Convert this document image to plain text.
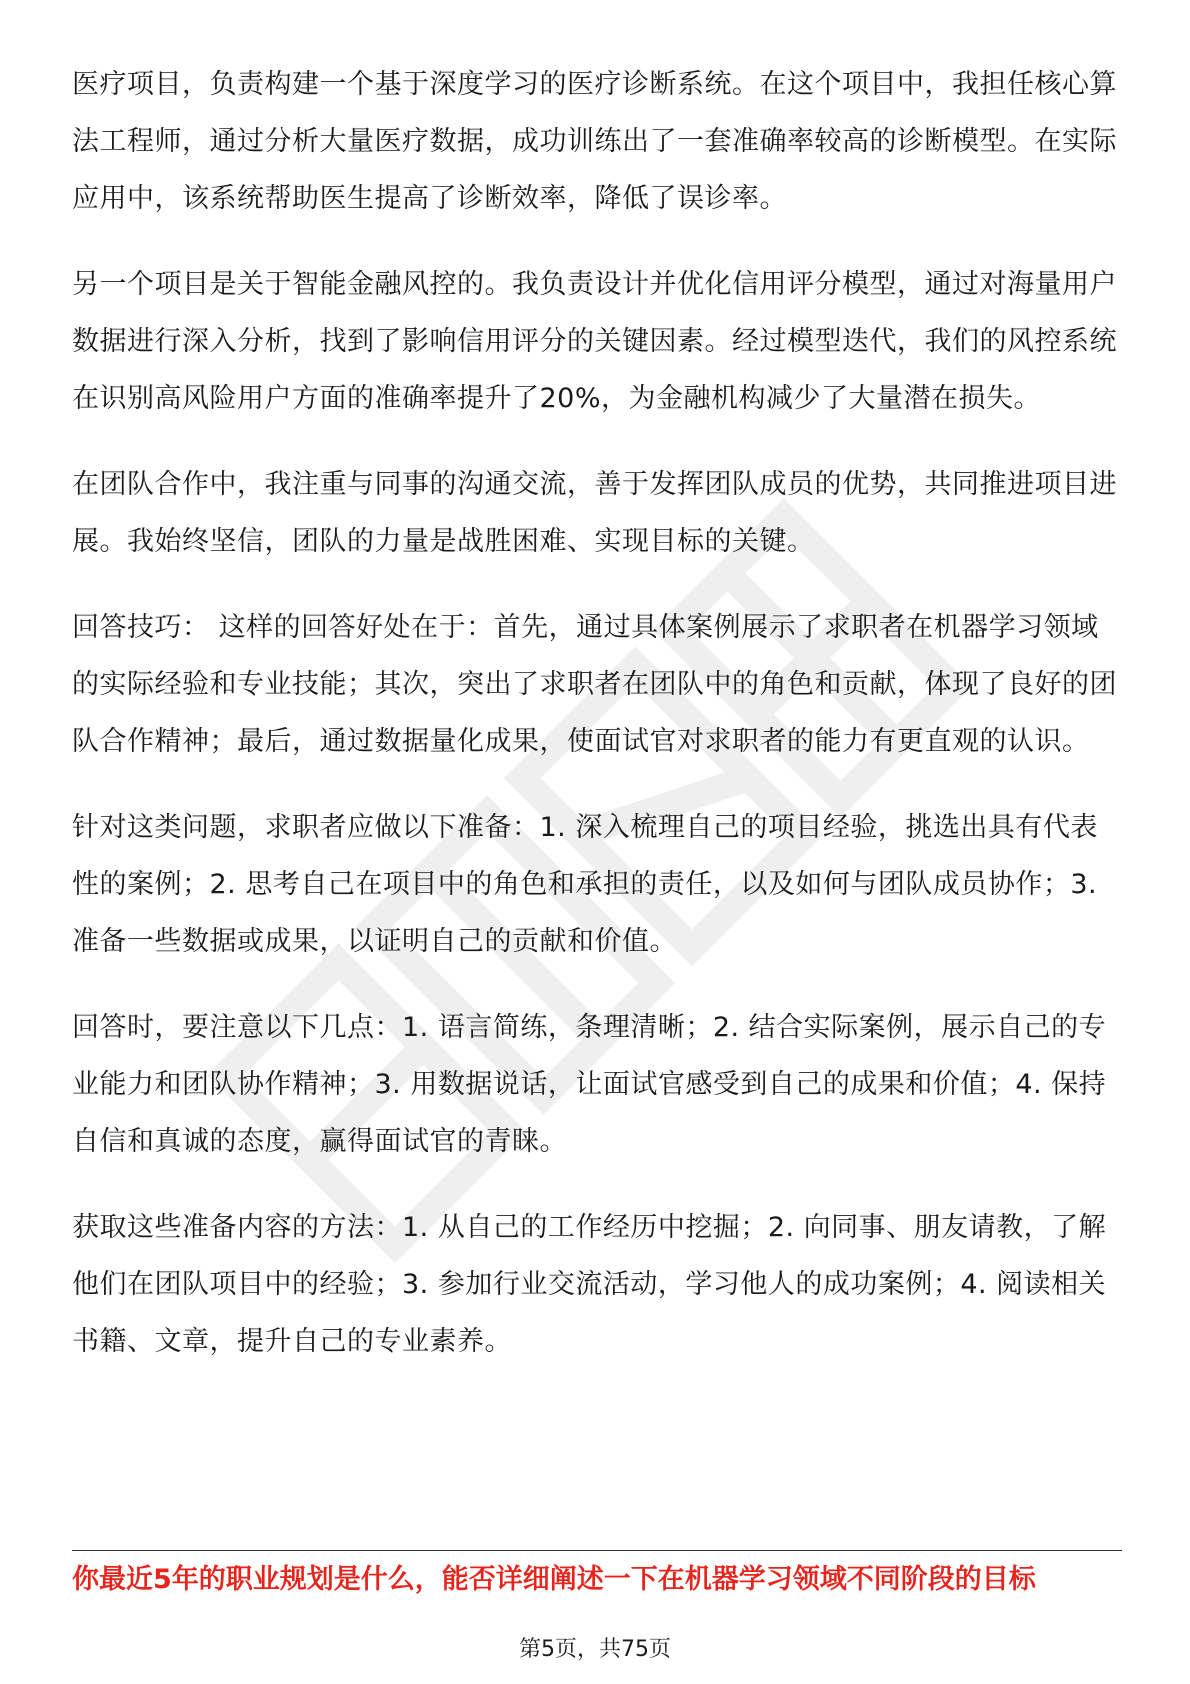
医疗项目，负责构建一个基于深度学习的医疗诊断系统。在这个项目中，我担任核心算法工程师，通过分析大量医疗数据，成功训练出了一套准确率较高的诊断模型。在实际应用中，该系统帮助医生提高了诊断效率，降低了误诊率。

另一个项目是关于智能金融风控的。我负责设计并优化信用评分模型，通过对海量用户数据进行深入分析，找到了影响信用评分的关键因素。经过模型迭代，我们的风控系统在识别高风险用户方面的准确率提升了20%，为金融机构减少了大量潜在损失。

在团队合作中，我注重与同事的沟通交流，善于发挥团队成员的优势，共同推进项目进展。我始终坚信，团队的力量是战胜困难、实现目标的关键。

回答技巧： 这样的回答好处在于：首先，通过具体案例展示了求职者在机器学习领域的实际经验和专业技能；其次，突出了求职者在团队中的角色和贡献，体现了良好的团队合作精神；最后，通过数据量化成果，使面试官对求职者的能力有更直观的认识。

针对这类问题，求职者应做以下准备：1. 深入梳理自己的项目经验，挑选出具有代表性的案例；2. 思考自己在项目中的角色和承担的责任，以及如何与团队成员协作；3. 准备一些数据或成果，以证明自己的贡献和价值。

回答时，要注意以下几点：1. 语言简练，条理清晰；2. 结合实际案例，展示自己的专业能力和团队协作精神；3. 用数据说话，让面试官感受到自己的成果和价值；4. 保持自信和真诚的态度，赢得面试官的青睐。

获取这些准备内容的方法：1. 从自己的工作经历中挖掘；2. 向同事、朋友请教，了解他们在团队项目中的经验；3. 参加行业交流活动，学习他人的成功案例；4. 阅读相关书籍、文章，提升自己的专业素养。

你最近5年的职业规划是什么，能否详细阐述一下在机器学习领域不同阶段的目标
第5页，共75页
